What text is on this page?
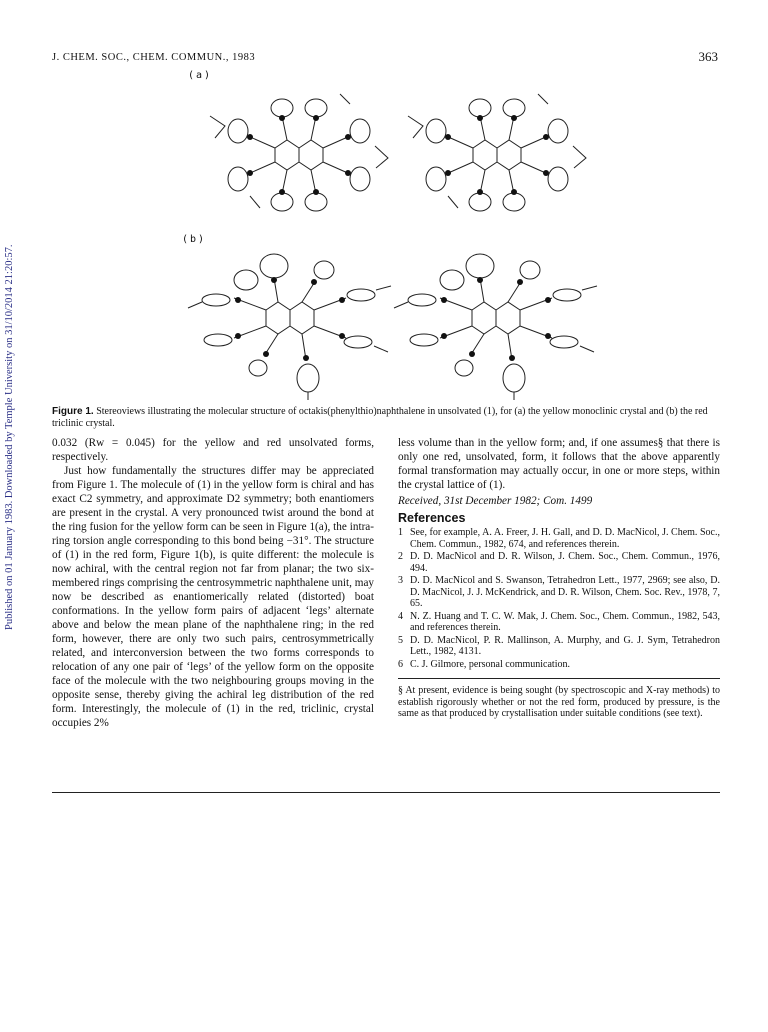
Published on 01 January 1983. Downloaded by Temple University on 31/10/2014 21:20:57.
J. CHEM. SOC., CHEM. COMMUN., 1983	363
(a)
(b)
Figure 1. Stereoviews illustrating the molecular structure of octakis(phenylthio)naphthalene in unsolvated (1), for (a) the yellow monoclinic crystal and (b) the red triclinic crystal.

0.032 (Rw = 0.045) for the yellow and red unsolvated forms, respectively.

Just how fundamentally the structures differ may be appreciated from Figure 1. The molecule of (1) in the yellow form is chiral and has exact C2 symmetry, and approximate D2 symmetry; both enantiomers are present in the crystal. A very pronounced twist around the bond at the ring fusion for the yellow form can be seen in Figure 1(a), the intra-ring torsion angle corresponding to this bond being −31°. The structure of (1) in the red form, Figure 1(b), is quite different: the molecule is now achiral, with the central region not far from planar; the two six-membered rings comprising the centrosymmetric naphthalene unit, may now be described as enantiomerically related (distorted) boat conformations. In the yellow form pairs of adjacent ‘legs’ alternate above and below the mean plane of the naphthalene ring; in the red form, however, there are only two such pairs, centrosymmetrically related, and interconversion between the two forms corresponds to relocation of any one pair of ‘legs’ of the yellow form on the opposite face of the molecule with the two neighbouring groups moving in the opposite sense, thereby giving the achiral leg distribution of the red form. Interestingly, the molecule of (1) in the red, triclinic, crystal occupies 2%

less volume than in the yellow form; and, if one assumes§ that there is only one red, unsolvated, form, it follows that the above apparently formal transformation may actually occur, in one or more steps, within the crystal lattice of (1).

Received, 31st December 1982; Com. 1499

References
1 See, for example, A. A. Freer, J. H. Gall, and D. D. MacNicol, J. Chem. Soc., Chem. Commun., 1982, 674, and references therein.
2 D. D. MacNicol and D. R. Wilson, J. Chem. Soc., Chem. Commun., 1976, 494.
3 D. D. MacNicol and S. Swanson, Tetrahedron Lett., 1977, 2969; see also, D. D. MacNicol, J. J. McKendrick, and D. R. Wilson, Chem. Soc. Rev., 1978, 7, 65.
4 N. Z. Huang and T. C. W. Mak, J. Chem. Soc., Chem. Commun., 1982, 543, and references therein.
5 D. D. MacNicol, P. R. Mallinson, A. Murphy, and G. J. Sym, Tetrahedron Lett., 1982, 4131.
6 C. J. Gilmore, personal communication.

§ At present, evidence is being sought (by spectroscopic and X-ray methods) to establish rigorously whether or not the red form, produced by pressure, is the same as that produced by crystallisation under suitable conditions (see text).
